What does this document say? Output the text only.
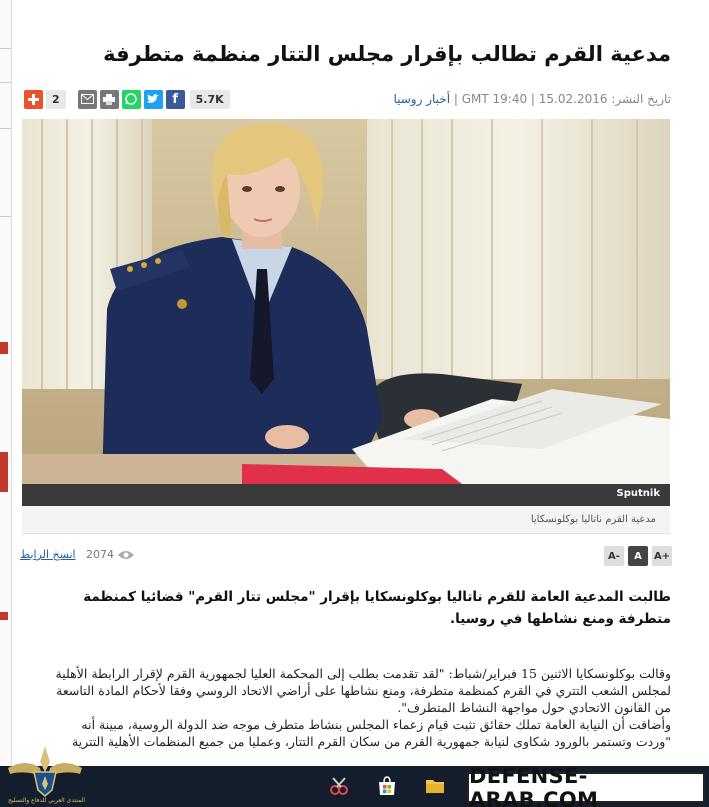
مدعية القرم تطالب بإقرار مجلس التتار منظمة متطرفة
تاريخ النشر: 15.02.2016 | 19:40 GMT | أخبار روسيا
2	f	5.7K
Sputnik
مدعية القرم ناتاليا بوكلونسكايا
انسخ الرابط 2074	A-	A	A+

طالبت المدعية العامة للقرم ناتاليا بوكلونسكايا بإقرار "مجلس تتار القرم" قضائيا كمنظمة متطرفة ومنع نشاطها في روسيا.

وقالت بوكلونسكايا الاثنين 15 فبراير/شباط: "لقد تقدمت بطلب إلى المحكمة العليا لجمهورية القرم لإقرار الرابطة الأهلية

لمجلس الشعب التتري في القرم كمنظمة متطرفة، ومنع نشاطها على أراضي الاتحاد الروسي وفقا لأحكام المادة التاسعة

من القانون الاتحادي حول مواجهة النشاط المتطرف".

وأضافت أن النيابة العامة تملك حقائق تثبت قيام زعماء المجلس بنشاط متطرف موجه ضد الدولة الروسية، مبينة أنه

"وردت وتستمر بالورود شكاوى لنيابة جمهورية القرم من سكان القرم التتار، وعمليا من جميع المنظمات الأهلية التترية

المنتدى العربي للدفاع والتسليح
DEFENSE-ARAB.COM
